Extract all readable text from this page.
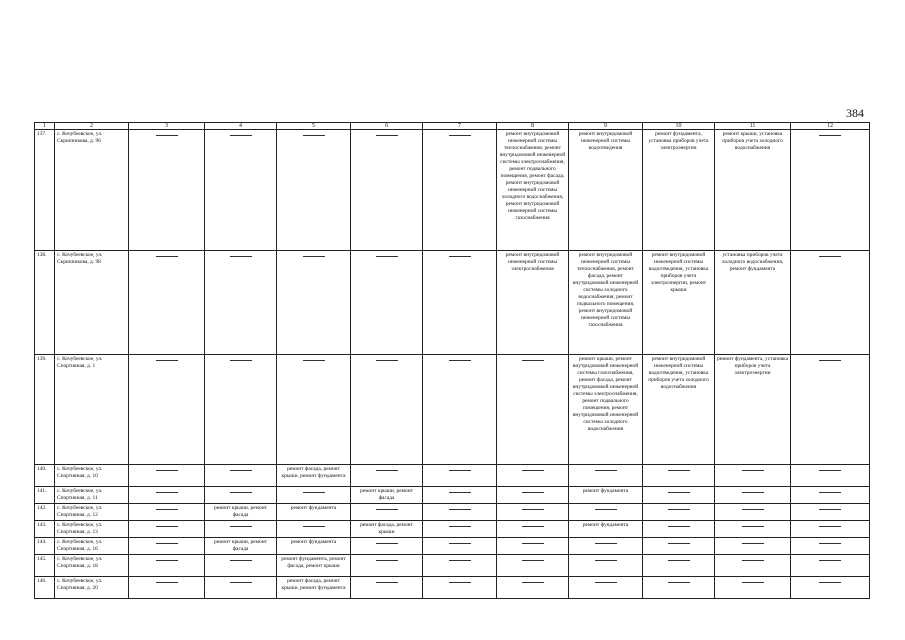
384
1	2	3	4	5	6	7	8	9	10	11	12
137.	с. Кочубеевское, ул. Скрипникова, д. 96						ремонт внутридомовой инженерной системы теплоснабжения, ремонт внутридомовой инженерной системы электроснабжения, ремонт подвального помещения, ремонт фасада, ремонт внутридомовой инженерной системы холодного водоснабжения, ремонт внутридомовой инженерной системы газоснабжения	ремонт внутридомовой инженерной системы водоотведения	ремонт фундамента, установка приборов учета электроэнергии	ремонт крыши, установка приборов учета холодного водоснабжения	
138.	с. Кочубеевское, ул. Скрипникова, д. 98						ремонт внутридомовой инженерной системы электроснабжения	ремонт внутридомовой инженерной системы теплоснабжения, ремонт фасада, ремонт внутридомовой инженерной системы холодного водоснабжения, ремонт подвального помещения, ремонт внутридомовой инженерной системы газоснабжения	ремонт внутридомовой инженерной системы водоотведения, установка приборов учета электроэнергии, ремонт крыши	установка приборов учета холодного водоснабжения, ремонт фундамента	
139.	с. Кочубеевское, ул. Спортивная, д. 1							ремонт крыши, ремонт внутридомовой инженерной системы газоснабжения, ремонт фасада, ремонт внутридомовой инженерной системы электроснабжения, ремонт подвального помещения, ремонт внутридомовой инженерной системы холодного водоснабжения	ремонт внутридомовой инженерной системы водоотведения, установка приборов учета холодного водоснабжения	ремонт фундамента, установка приборов учета электроэнергии	
140.	с. Кочубеевское, ул. Спортивная, д. 10			ремонт фасада, ремонт крыши, ремонт фундамента							
141.	с. Кочубеевское, ул. Спортивная, д. 11				ремонт крыши, ремонт фасада			ремонт фундамента			
142.	с. Кочубеевское, ул. Спортивная, д. 12		ремонт крыши, ремонт фасада	ремонт фундамента							
143.	с. Кочубеевское, ул. Спортивная, д. 13				ремонт фасада, ремонт крыши			ремонт фундамента			
144.	с. Кочубеевское, ул. Спортивная, д. 16		ремонт крыши, ремонт фасада	ремонт фундамента							
145.	с. Кочубеевское, ул. Спортивная, д. 18			ремонт фундамента, ремонт фасада, ремонт крыши							
146.	с. Кочубеевское, ул. Спортивная, д. 20			ремонт фасада, ремонт крыши, ремонт фундамента							
